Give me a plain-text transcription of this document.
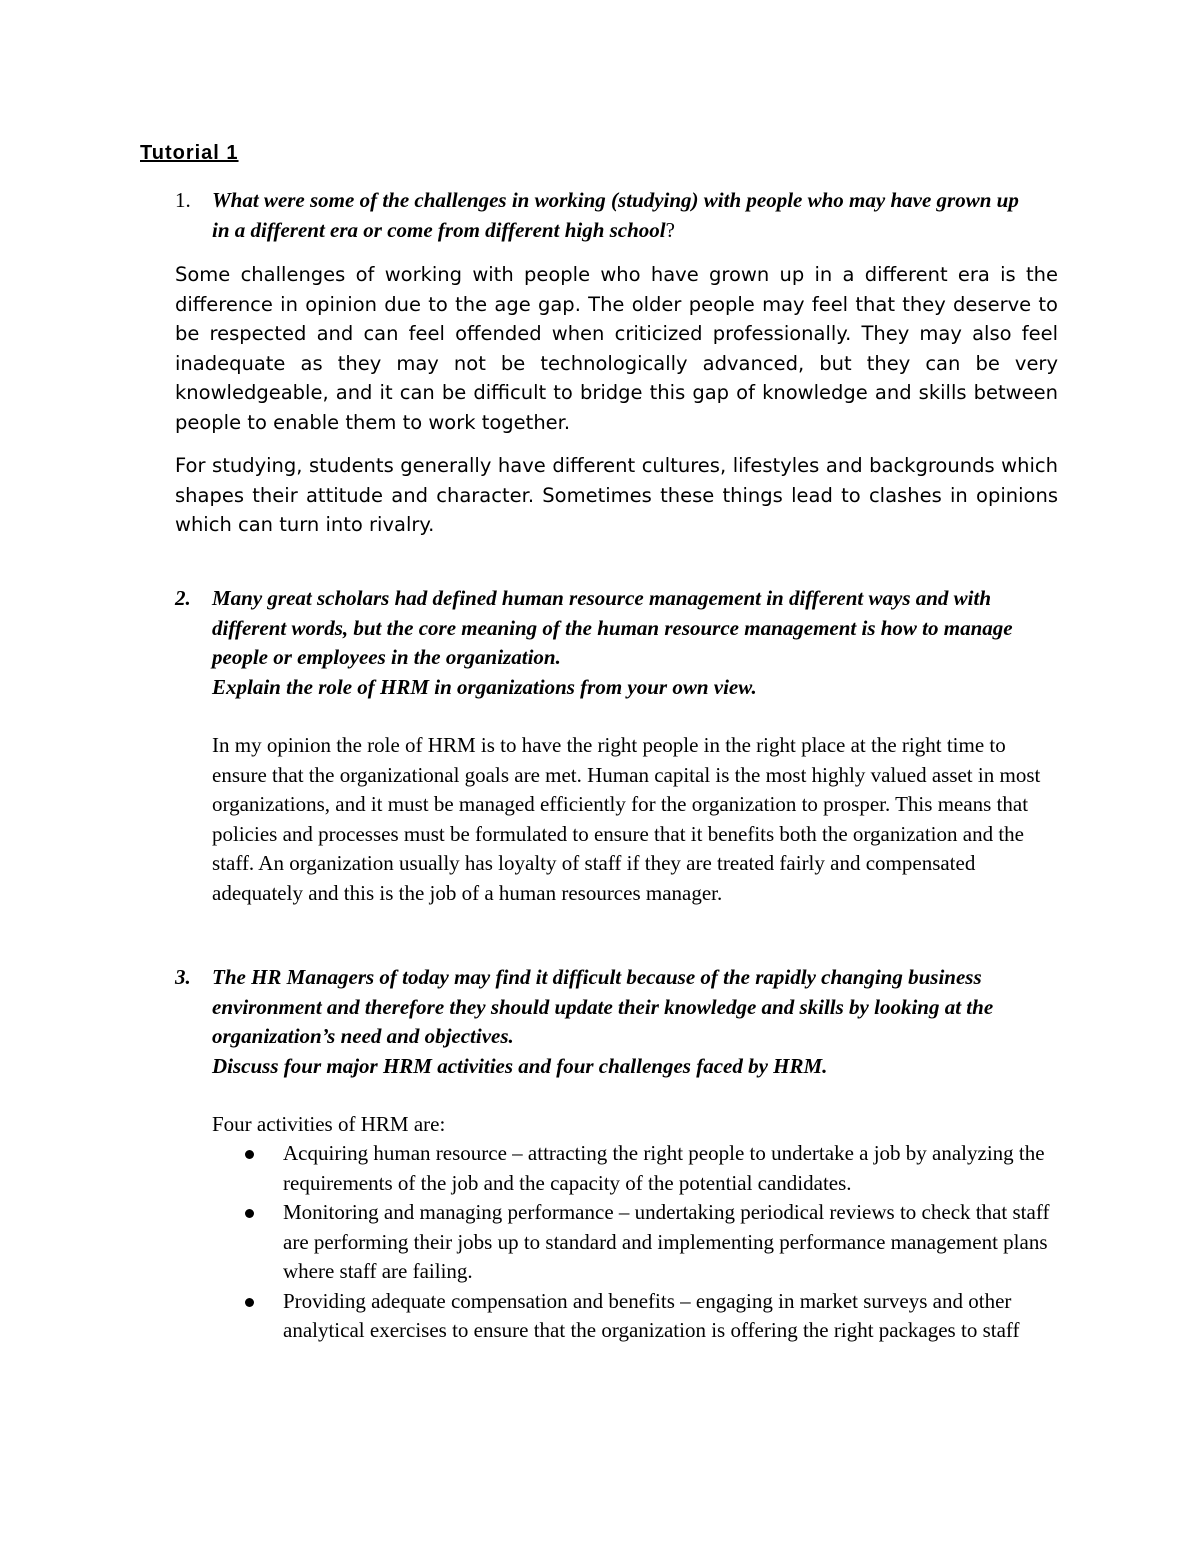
Tutorial 1
1. What were some of the challenges in working (studying) with people who may have grown up in a different era or come from different high school?
Some challenges of working with people who have grown up in a different era is the difference in opinion due to the age gap. The older people may feel that they deserve to be respected and can feel offended when criticized professionally. They may also feel inadequate as they may not be technologically advanced, but they can be very knowledgeable, and it can be difficult to bridge this gap of knowledge and skills between people to enable them to work together.
For studying, students generally have different cultures, lifestyles and backgrounds which shapes their attitude and character. Sometimes these things lead to clashes in opinions which can turn into rivalry.
2. Many great scholars had defined human resource management in different ways and with different words, but the core meaning of the human resource management is how to manage people or employees in the organization.
Explain the role of HRM in organizations from your own view.
In my opinion the role of HRM is to have the right people in the right place at the right time to ensure that the organizational goals are met. Human capital is the most highly valued asset in most organizations, and it must be managed efficiently for the organization to prosper. This means that policies and processes must be formulated to ensure that it benefits both the organization and the staff. An organization usually has loyalty of staff if they are treated fairly and compensated adequately and this is the job of a human resources manager.
3. The HR Managers of today may find it difficult because of the rapidly changing business environment and therefore they should update their knowledge and skills by looking at the organization’s need and objectives.
Discuss four major HRM activities and four challenges faced by HRM.
Four activities of HRM are:
Acquiring human resource – attracting the right people to undertake a job by analyzing the requirements of the job and the capacity of the potential candidates.
Monitoring and managing performance – undertaking periodical reviews to check that staff are performing their jobs up to standard and implementing performance management plans where staff are failing.
Providing adequate compensation and benefits – engaging in market surveys and other analytical exercises to ensure that the organization is offering the right packages to staff
